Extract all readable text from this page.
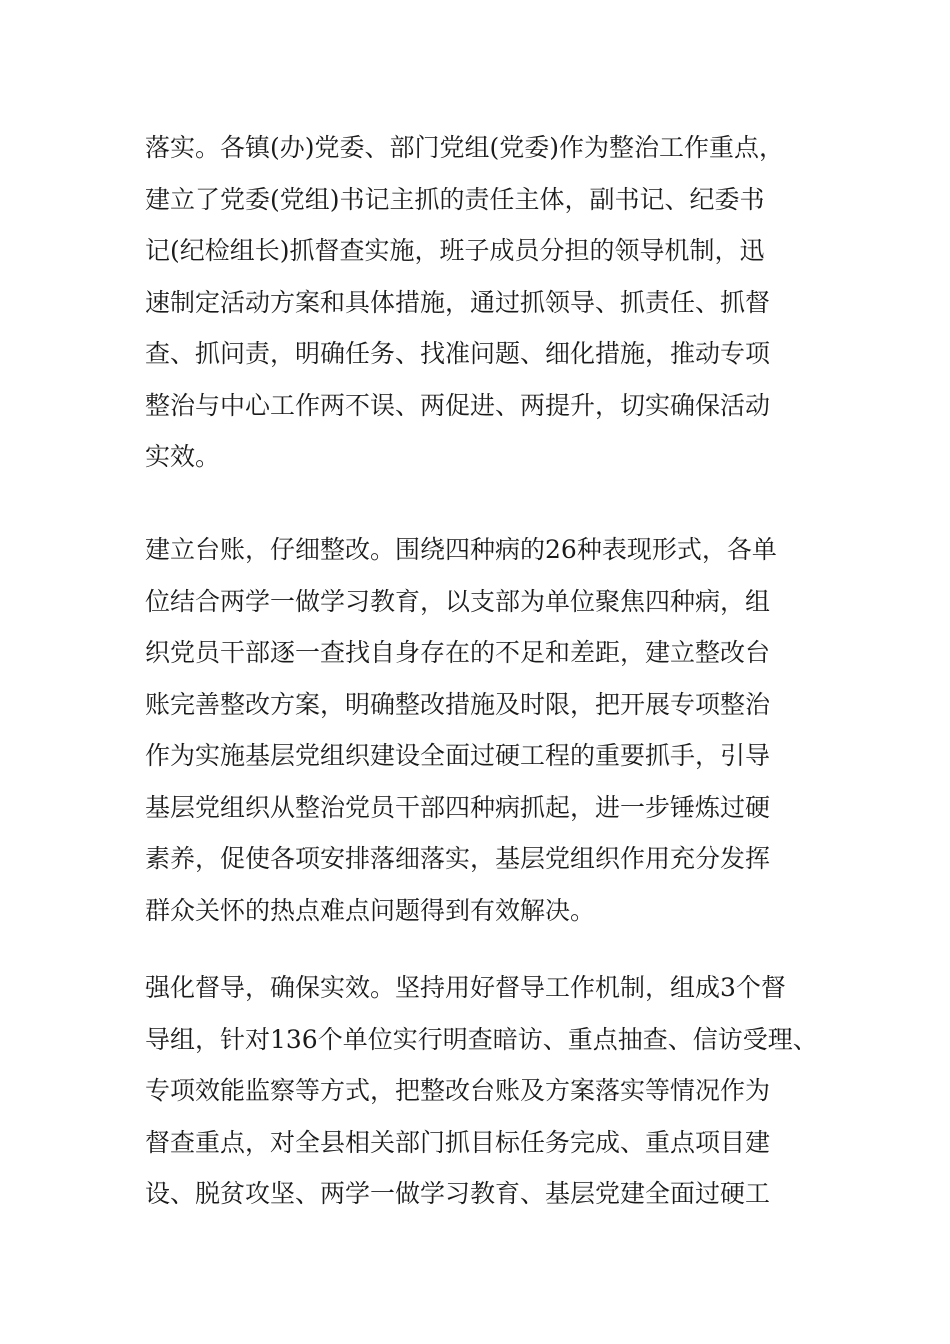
落实。各镇(办)党委、部门党组(党委)作为整治工作重点，
建立了党委(党组)书记主抓的责任主体，副书记、纪委书
记(纪检组长)抓督查实施，班子成员分担的领导机制，迅
速制定活动方案和具体措施，通过抓领导、抓责任、抓督
查、抓问责，明确任务、找准问题、细化措施，推动专项
整治与中心工作两不误、两促进、两提升，切实确保活动
实效。
建立台账，仔细整改。围绕四种病的26种表现形式，各单
位结合两学一做学习教育，以支部为单位聚焦四种病，组
织党员干部逐一查找自身存在的不足和差距，建立整改台
账完善整改方案，明确整改措施及时限，把开展专项整治
作为实施基层党组织建设全面过硬工程的重要抓手，引导
基层党组织从整治党员干部四种病抓起，进一步锤炼过硬
素养，促使各项安排落细落实，基层党组织作用充分发挥
群众关怀的热点难点问题得到有效解决。
强化督导，确保实效。坚持用好督导工作机制，组成3个督
导组，针对136个单位实行明查暗访、重点抽查、信访受理、
专项效能监察等方式，把整改台账及方案落实等情况作为
督查重点，对全县相关部门抓目标任务完成、重点项目建
设、脱贫攻坚、两学一做学习教育、基层党建全面过硬工
